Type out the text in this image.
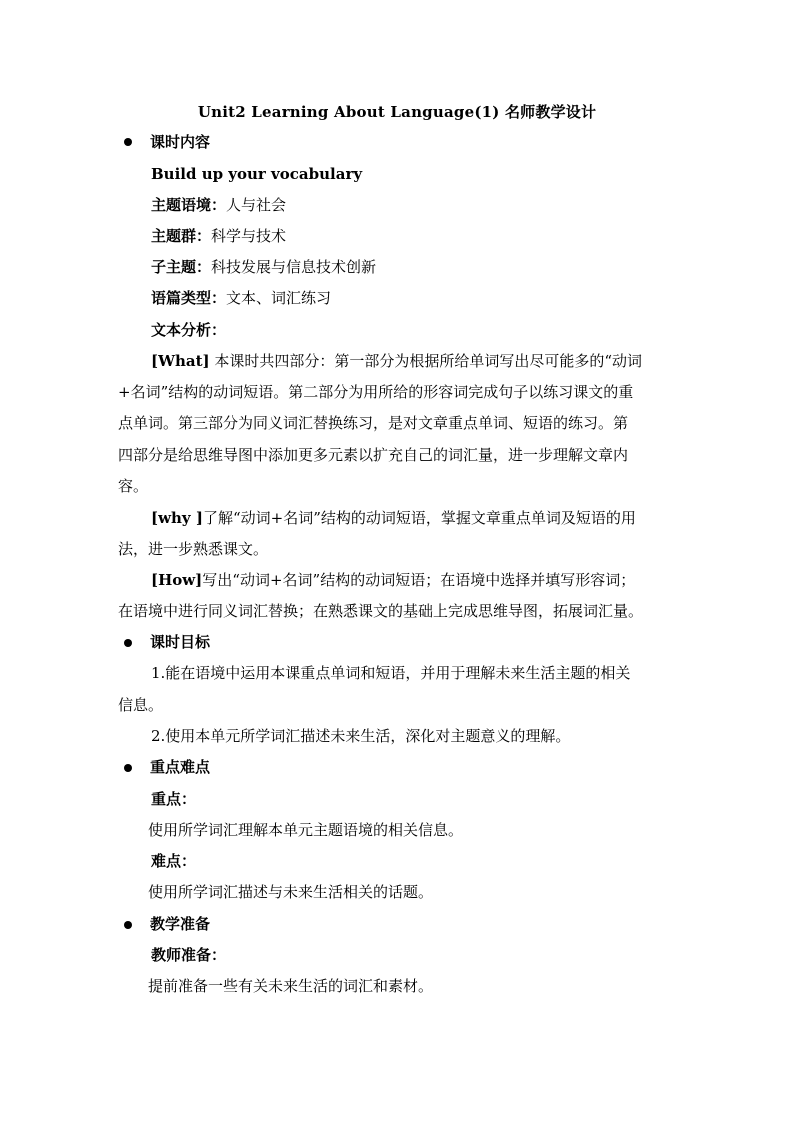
Unit2 Learning About Language(1) 名师教学设计
课时内容
Build up your vocabulary
主题语境：人与社会
主题群：科学与技术
子主题：科技发展与信息技术创新
语篇类型：文本、词汇练习
文本分析：
[What] 本课时共四部分：第一部分为根据所给单词写出尽可能多的“动词
+名词”结构的动词短语。第二部分为用所给的形容词完成句子以练习课文的重
点单词。第三部分为同义词汇替换练习，是对文章重点单词、短语的练习。第
四部分是给思维导图中添加更多元素以扩充自己的词汇量，进一步理解文章内
容。
[why ]了解“动词+名词”结构的动词短语，掌握文章重点单词及短语的用
法，进一步熟悉课文。
[How]写出“动词+名词”结构的动词短语；在语境中选择并填写形容词；
在语境中进行同义词汇替换；在熟悉课文的基础上完成思维导图，拓展词汇量。
课时目标
1.能在语境中运用本课重点单词和短语，并用于理解未来生活主题的相关
信息。
2.使用本单元所学词汇描述未来生活，深化对主题意义的理解。
重点难点
重点：
使用所学词汇理解本单元主题语境的相关信息。
难点：
使用所学词汇描述与未来生活相关的话题。
教学准备
教师准备：
提前准备一些有关未来生活的词汇和素材。
